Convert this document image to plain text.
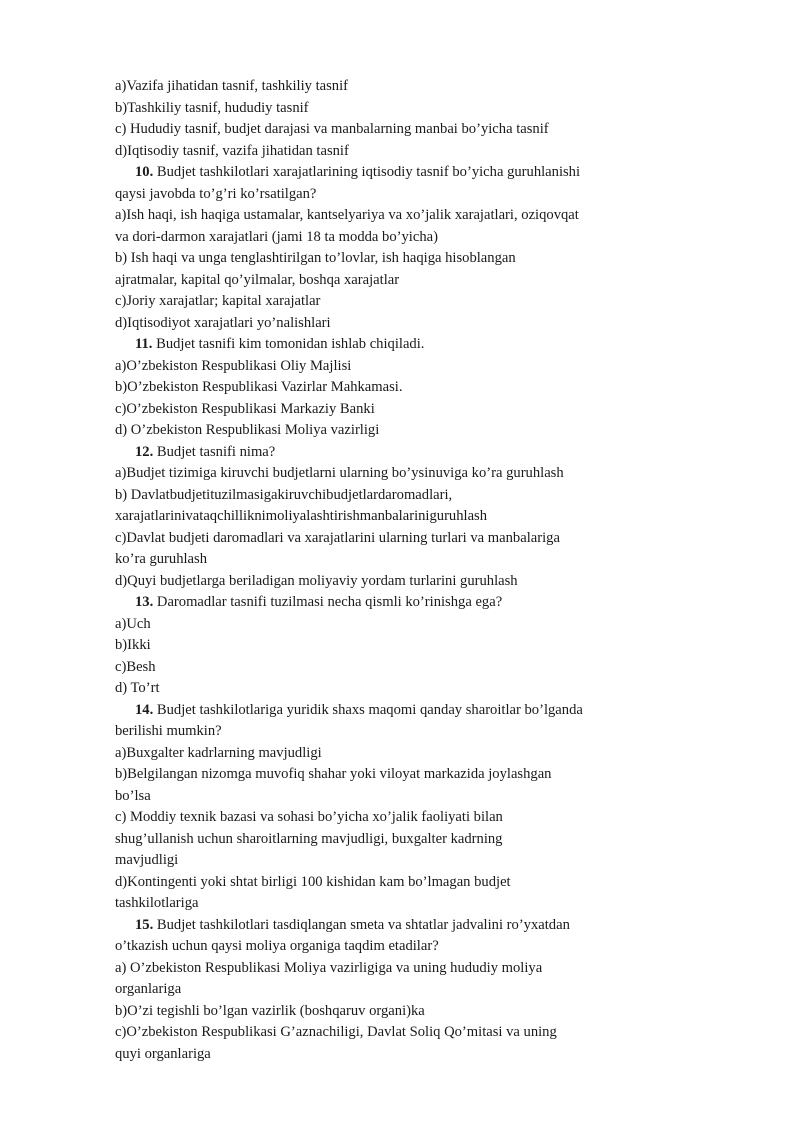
a)Vazifa jihatidan tasnif, tashkiliy tasnif
b)Tashkiliy tasnif, hududiy tasnif
c) Hududiy tasnif, budjet darajasi va manbalarning manbai bo’yicha tasnif
d)Iqtisodiy tasnif, vazifa jihatidan tasnif
10. Budjet tashkilotlari xarajatlarining iqtisodiy tasnif bo’yicha guruhlanishi
qaysi javobda to’g’ri ko’rsatilgan?
a)Ish haqi, ish haqiga ustamalar, kantselyariya va xo’jalik xarajatlari, oziqovqat
va dori-darmon xarajatlari (jami 18 ta modda bo’yicha)
b) Ish haqi va unga tenglashtirilgan to’lovlar, ish haqiga hisoblangan
ajratmalar, kapital qo’yilmalar, boshqa xarajatlar
c)Joriy xarajatlar; kapital xarajatlar
d)Iqtisodiyot xarajatlari yo’nalishlari
11. Budjet tasnifi kim tomonidan ishlab chiqiladi.
a)O’zbekiston Respublikasi Oliy Majlisi
b)O’zbekiston Respublikasi Vazirlar Mahkamasi.
c)O’zbekiston Respublikasi Markaziy Banki
d) O’zbekiston Respublikasi Moliya vazirligi
12. Budjet tasnifi nima?
a)Budjet tizimiga kiruvchi budjetlarni ularning bo’ysinuviga ko’ra guruhlash
b) Davlatbudjetituzilmasigakiruvchibudjetlardaromadlari,
xarajatlarinivataqchilliknimoliyalashtirishmanbalariniguruhlash
c)Davlat budjeti daromadlari va xarajatlarini ularning turlari va manbalariga
ko’ra guruhlash
d)Quyi budjetlarga beriladigan moliyaviy yordam turlarini guruhlash
13. Daromadlar tasnifi tuzilmasi necha qismli ko’rinishga ega?
a)Uch
b)Ikki
c)Besh
d) To’rt
14. Budjet tashkilotlariga yuridik shaxs maqomi qanday sharoitlar bo’lganda
berilishi mumkin?
a)Buxgalter kadrlarning mavjudligi
b)Belgilangan nizomga muvofiq shahar yoki viloyat markazida joylashgan
bo’lsa
c) Moddiy texnik bazasi va sohasi bo’yicha xo’jalik faoliyati bilan
shug’ullanish uchun sharoitlarning mavjudligi, buxgalter kadrning
mavjudligi
d)Kontingenti yoki shtat birligi 100 kishidan kam bo’lmagan budjet
tashkilotlariga
15. Budjet tashkilotlari tasdiqlangan smeta va shtatlar jadvalini ro’yxatdan
o’tkazish uchun qaysi moliya organiga taqdim etadilar?
a) O’zbekiston Respublikasi Moliya vazirligiga va uning hududiy moliya
organlariga
b)O’zi tegishli bo’lgan vazirlik (boshqaruv organi)ka
c)O’zbekiston Respublikasi G’aznachiligi, Davlat Soliq Qo’mitasi va uning
quyi organlariga
